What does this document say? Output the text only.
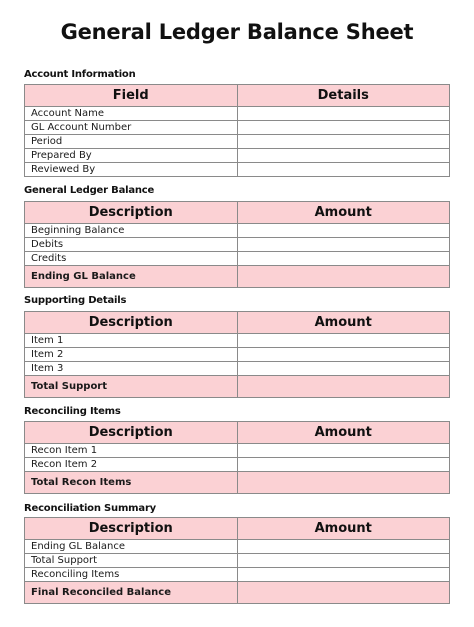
General Ledger Balance Sheet
Account Information
Field	Details
Account Name	
GL Account Number	
Period	
Prepared By	
Reviewed By	
General Ledger Balance
Description	Amount
Beginning Balance	
Debits	
Credits	
Ending GL Balance	
Supporting Details
Description	Amount
Item 1	
Item 2	
Item 3	
Total Support	
Reconciling Items
Description	Amount
Recon Item 1	
Recon Item 2	
Total Recon Items	
Reconciliation Summary
Description	Amount
Ending GL Balance	
Total Support	
Reconciling Items	
Final Reconciled Balance	
